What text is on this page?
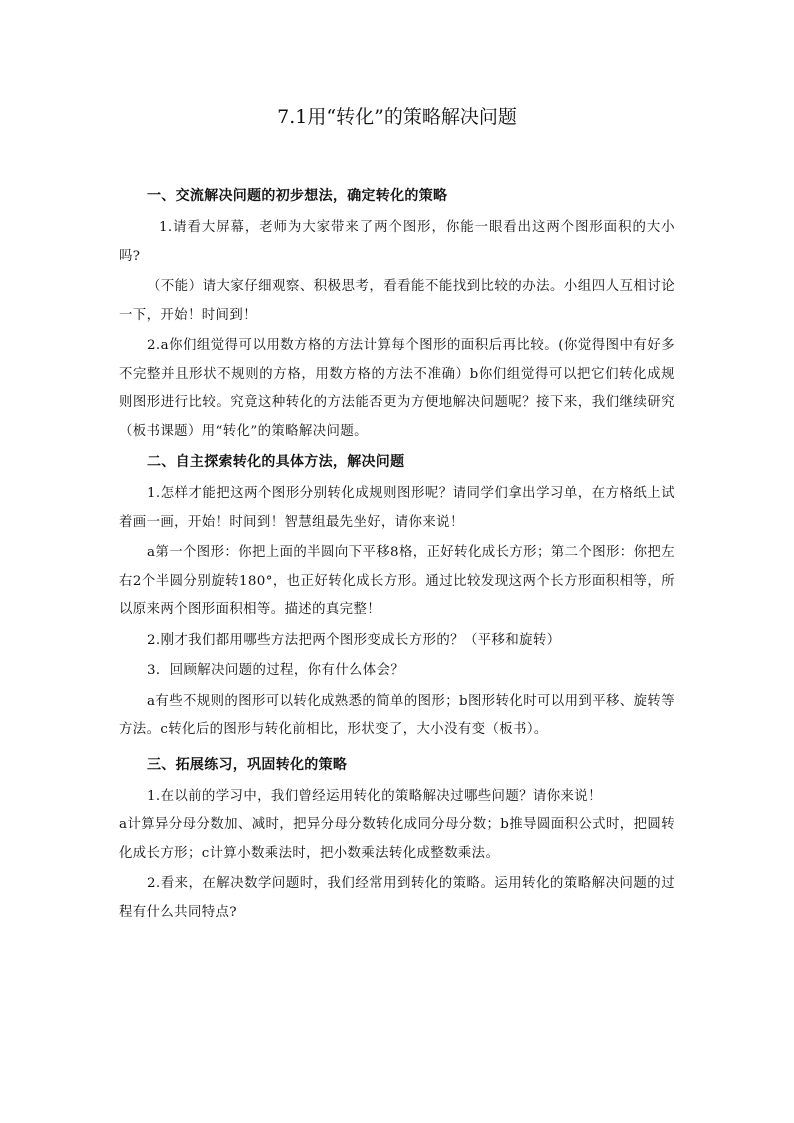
7.1用“转化”的策略解决问题
一、交流解决问题的初步想法，确定转化的策略

1.请看大屏幕，老师为大家带来了两个图形，你能一眼看出这两个图形面积的大小吗?

（不能）请大家仔细观察、积极思考，看看能不能找到比较的办法。小组四人互相讨论一下，开始！时间到！

2.a你们组觉得可以用数方格的方法计算每个图形的面积后再比较。(你觉得图中有好多不完整并且形状不规则的方格，用数方格的方法不准确）b你们组觉得可以把它们转化成规则图形进行比较。究竟这种转化的方法能否更为方便地解决问题呢？接下来，我们继续研究（板书课题）用“转化”的策略解决问题。

二、自主探索转化的具体方法，解决问题

1.怎样才能把这两个图形分别转化成规则图形呢？请同学们拿出学习单，在方格纸上试着画一画，开始！时间到！智慧组最先坐好，请你来说！

a第一个图形：你把上面的半圆向下平移8格，正好转化成长方形；第二个图形：你把左右2个半圆分别旋转180°，也正好转化成长方形。通过比较发现这两个长方形面积相等，所以原来两个图形面积相等。描述的真完整！

2.刚才我们都用哪些方法把两个图形变成长方形的？（平移和旋转）

3．回顾解决问题的过程，你有什么体会？

a有些不规则的图形可以转化成熟悉的简单的图形；b图形转化时可以用到平移、旋转等方法。c转化后的图形与转化前相比，形状变了，大小没有变（板书）。

三、拓展练习，巩固转化的策略

1.在以前的学习中，我们曾经运用转化的策略解决过哪些问题？请你来说！

a计算异分母分数加、减时，把异分母分数转化成同分母分数；b推导圆面积公式时，把圆转化成长方形；c计算小数乘法时，把小数乘法转化成整数乘法。

2.看来，在解决数学问题时，我们经常用到转化的策略。运用转化的策略解决问题的过程有什么共同特点?
